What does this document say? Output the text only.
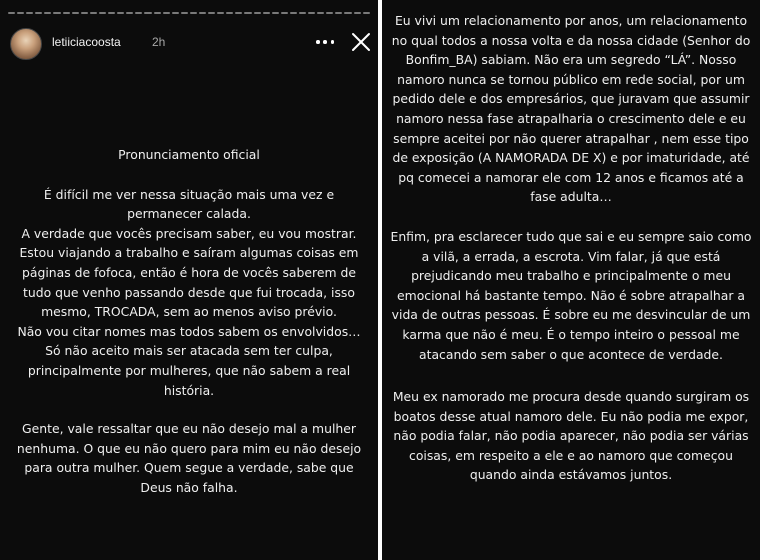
letiiciacoosta	2h

Pronunciamento oficial

É difícil me ver nessa situação mais uma vez e permanecer calada.

A verdade que vocês precisam saber, eu vou mostrar.

Estou viajando a trabalho e saíram algumas coisas em páginas de fofoca, então é hora de vocês saberem de tudo que venho passando desde que fui trocada, isso mesmo, TROCADA, sem ao menos aviso prévio.

Não vou citar nomes mas todos sabem os envolvidos… Só não aceito mais ser atacada sem ter culpa, principalmente por mulheres, que não sabem a real história.

Gente, vale ressaltar que eu não desejo mal a mulher nenhuma. O que eu não quero para mim eu não desejo para outra mulher. Quem segue a verdade, sabe que Deus não falha.

Eu vivi um relacionamento por anos, um relacionamento no qual todos a nossa volta e da nossa cidade (Senhor do Bonfim_BA) sabiam. Não era um segredo “LÁ”. Nosso namoro nunca se tornou público em rede social, por um pedido dele e dos empresários, que juravam que assumir namoro nessa fase atrapalharia o crescimento dele e eu sempre aceitei por não querer atrapalhar , nem esse tipo de exposição (A NAMORADA DE X) e por imaturidade, até pq comecei a namorar ele com 12 anos e ficamos até a fase adulta…

Enfim, pra esclarecer tudo que sai e eu sempre saio como a vilã, a errada, a escrota. Vim falar, já que está prejudicando meu trabalho e principalmente o meu emocional há bastante tempo. Não é sobre atrapalhar a vida de outras pessoas. É sobre eu me desvincular de um karma que não é meu. É o tempo inteiro o pessoal me atacando sem saber o que acontece de verdade.

Meu ex namorado me procura desde quando surgiram os boatos desse atual namoro dele. Eu não podia me expor, não podia falar, não podia aparecer, não podia ser várias coisas, em respeito a ele e ao namoro que começou quando ainda estávamos juntos.
